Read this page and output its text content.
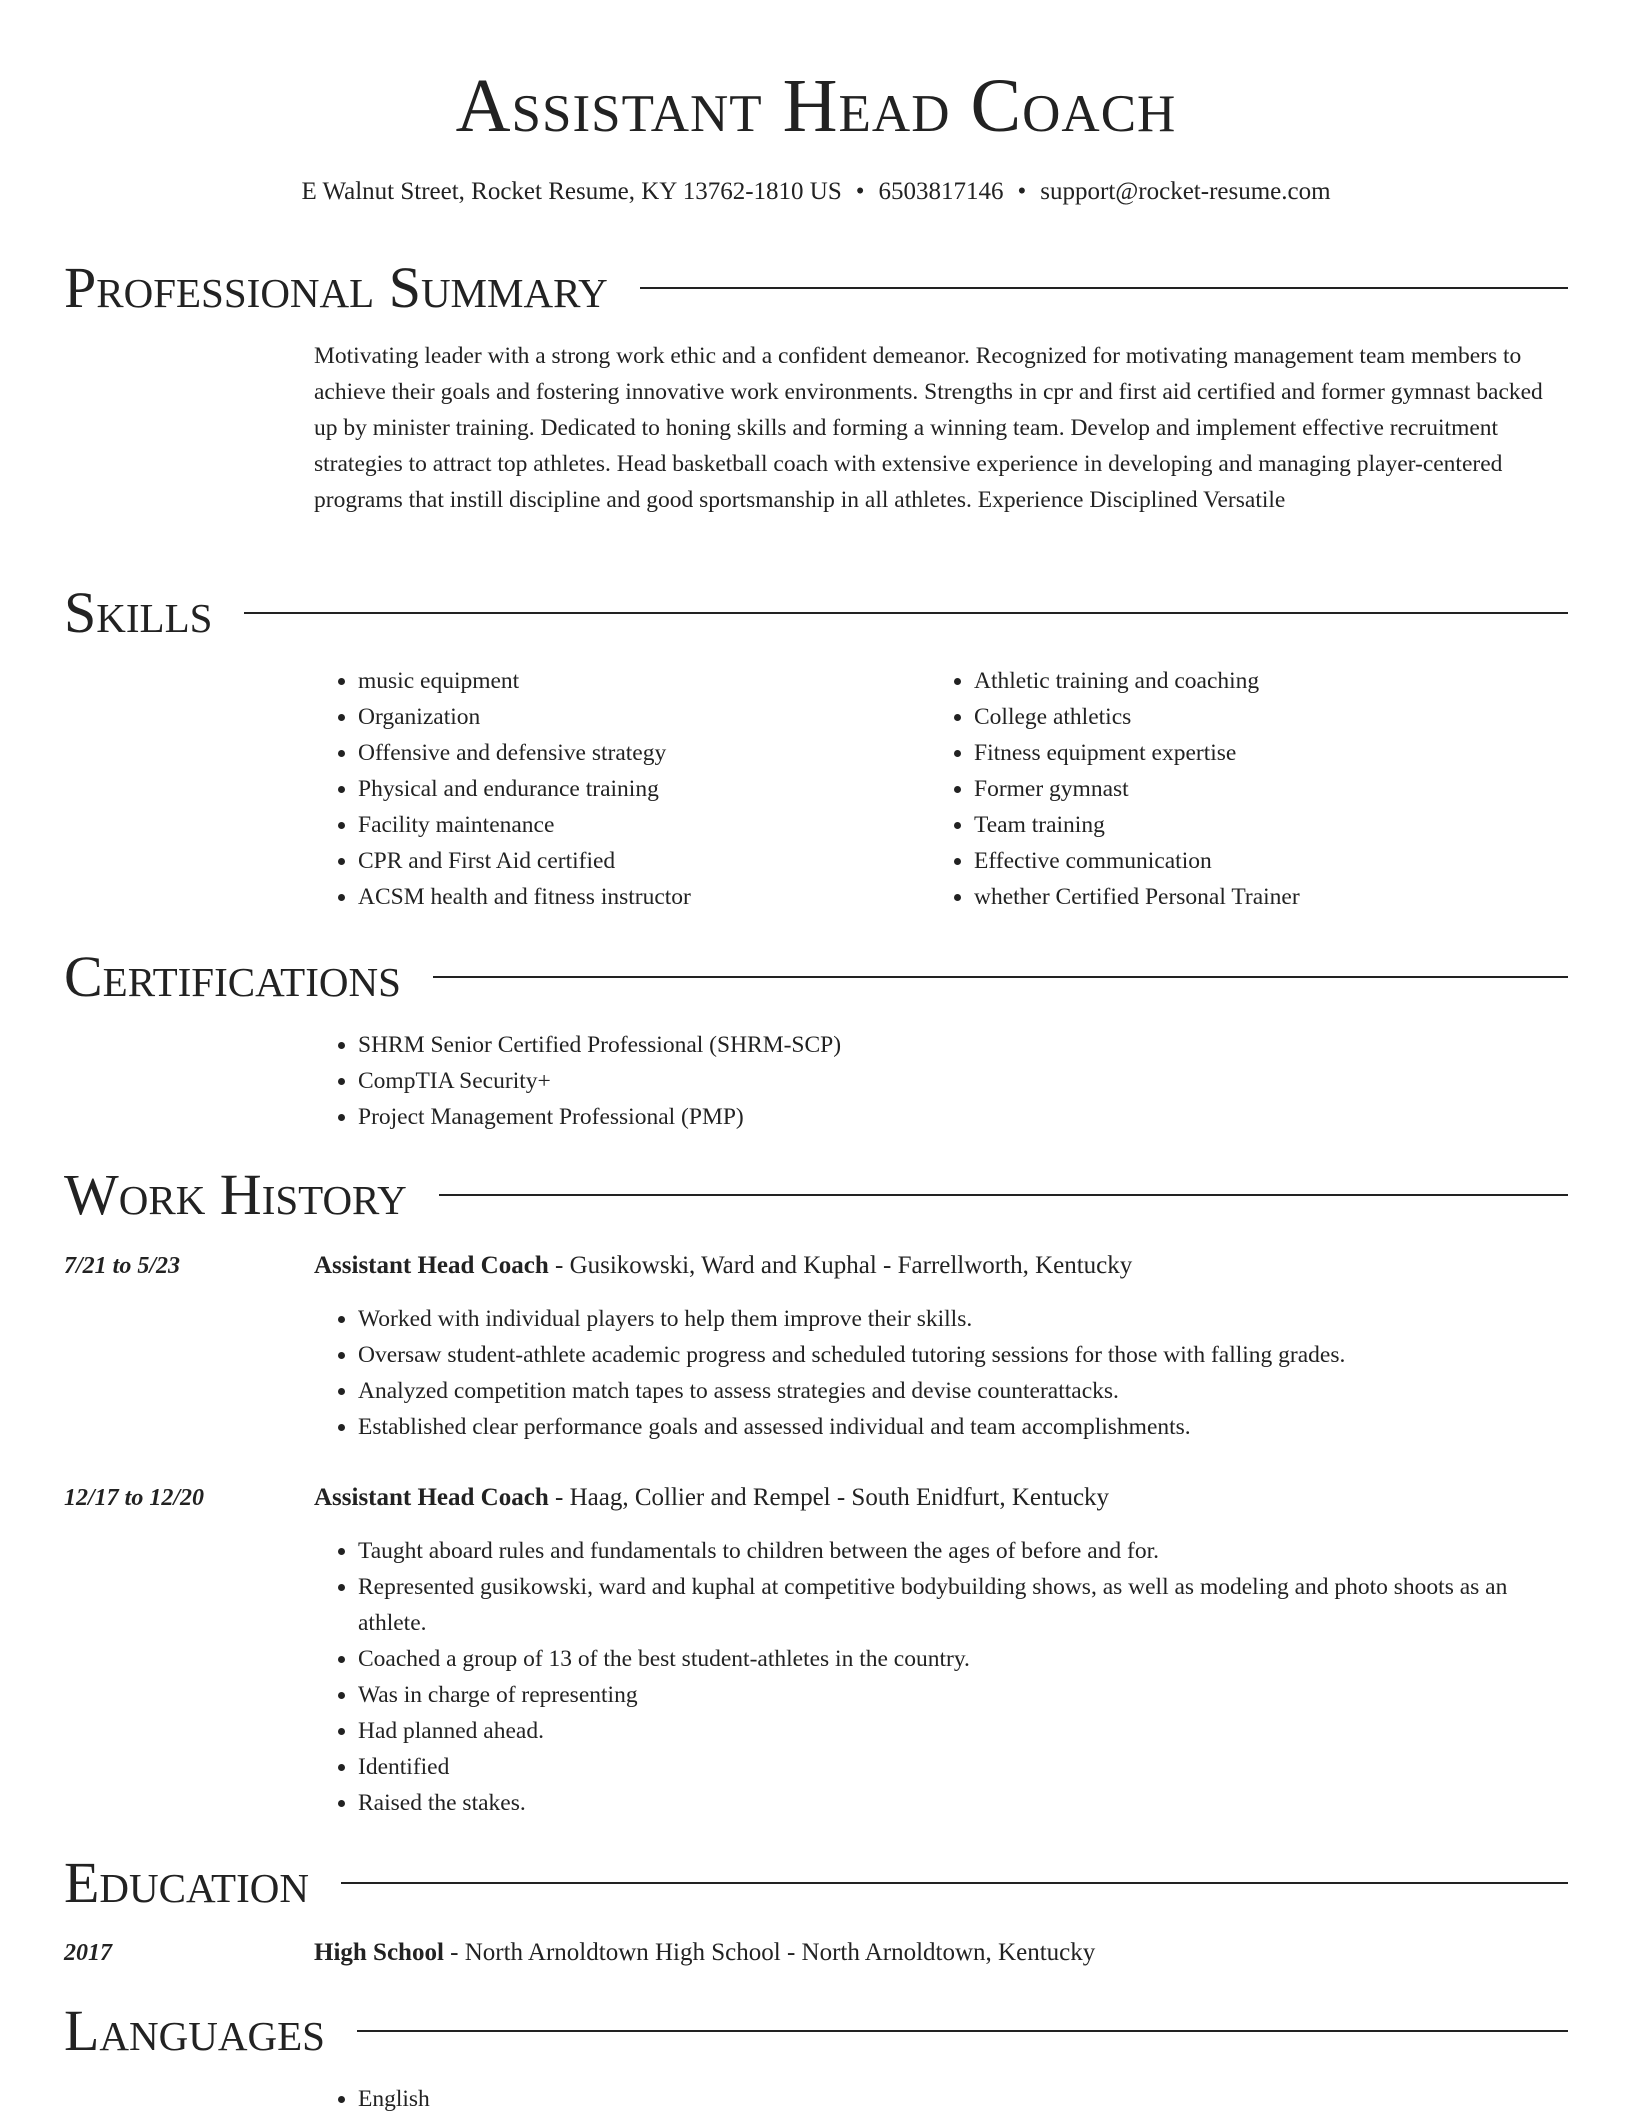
Assistant Head Coach
E Walnut Street, Rocket Resume, KY 13762-1810 US • 6503817146 • support@rocket-resume.com
Professional Summary

Motivating leader with a strong work ethic and a confident demeanor. Recognized for motivating management team members to achieve their goals and fostering innovative work environments. Strengths in cpr and first aid certified and former gymnast backed up by minister training. Dedicated to honing skills and forming a winning team. Develop and implement effective recruitment strategies to attract top athletes. Head basketball coach with extensive experience in developing and managing player-centered programs that instill discipline and good sportsmanship in all athletes. Experience Disciplined Versatile

Skills
• music equipment
• Organization
• Offensive and defensive strategy
• Physical and endurance training
• Facility maintenance
• CPR and First Aid certified
• ACSM health and fitness instructor
• Athletic training and coaching
• College athletics
• Fitness equipment expertise
• Former gymnast
• Team training
• Effective communication
• whether Certified Personal Trainer
Certifications
• SHRM Senior Certified Professional (SHRM-SCP)
• CompTIA Security+
• Project Management Professional (PMP)
Work History
7/21 to 5/23	Assistant Head Coach - Gusikowski, Ward and Kuphal - Farrellworth, Kentucky
• Worked with individual players to help them improve their skills.
• Oversaw student-athlete academic progress and scheduled tutoring sessions for those with falling grades.
• Analyzed competition match tapes to assess strategies and devise counterattacks.
• Established clear performance goals and assessed individual and team accomplishments.
12/17 to 12/20	Assistant Head Coach - Haag, Collier and Rempel - South Enidfurt, Kentucky
• Taught aboard rules and fundamentals to children between the ages of before and for.
• Represented gusikowski, ward and kuphal at competitive bodybuilding shows, as well as modeling and photo shoots as an athlete.
• Coached a group of 13 of the best student-athletes in the country.
• Was in charge of representing
• Had planned ahead.
• Identified
• Raised the stakes.
Education
2017	High School - North Arnoldtown High School - North Arnoldtown, Kentucky
Languages
• English
